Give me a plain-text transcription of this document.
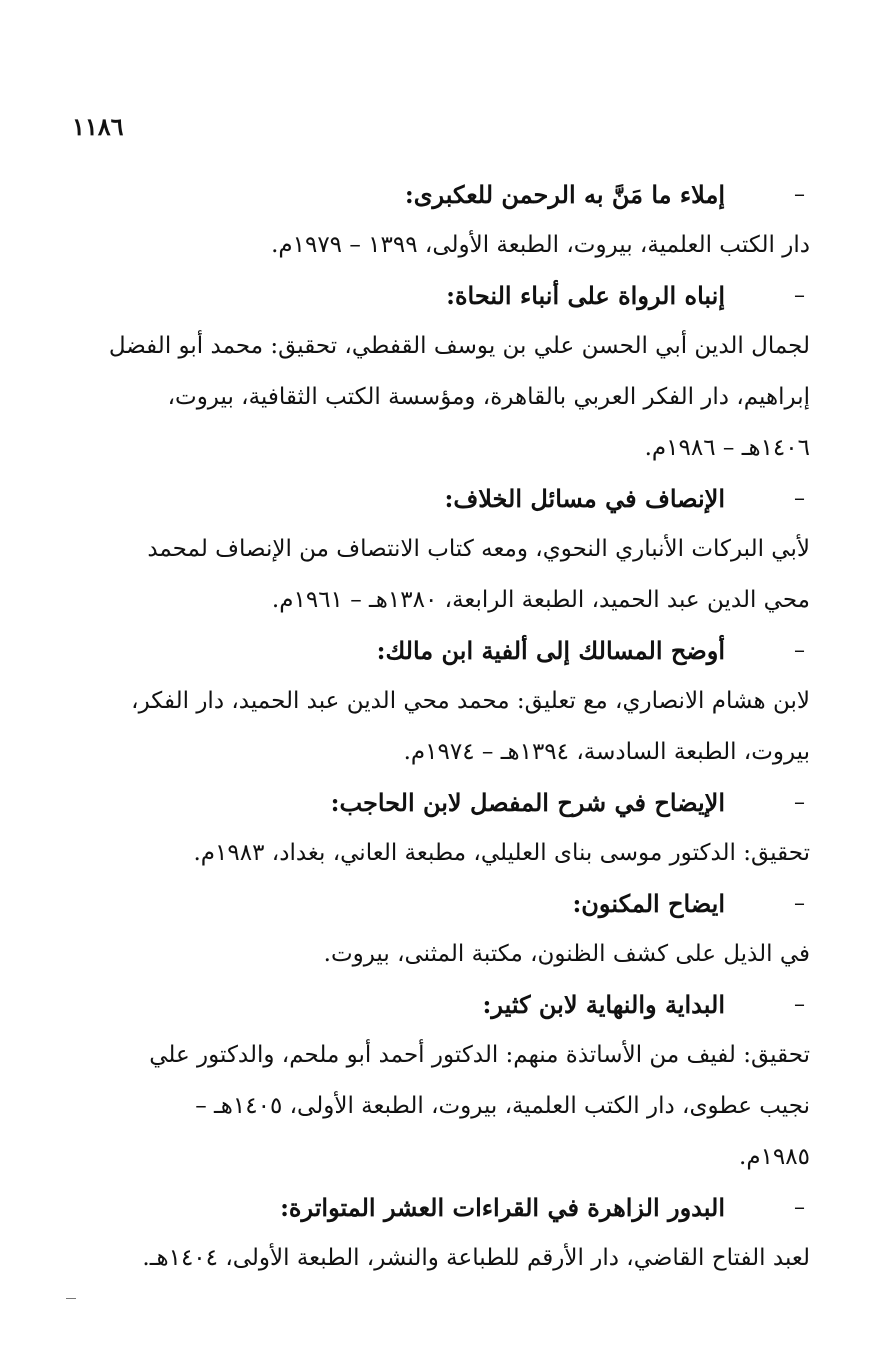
١١٨٦
–
إملاء ما مَنَّ به الرحمن للعكبرى:
دار الكتب العلمية، بيروت، الطبعة الأولى، ١٣٩٩ – ١٩٧٩م.
–
إنباه الرواة على أنباء النحاة:
لجمال الدين أبي الحسن علي بن يوسف القفطي، تحقيق: محمد أبو الفضل
إبراهيم، دار الفكر العربي بالقاهرة، ومؤسسة الكتب الثقافية، بيروت،
١٤٠٦هـ – ١٩٨٦م.
–
الإنصاف في مسائل الخلاف:
لأبي البركات الأنباري النحوي، ومعه كتاب الانتصاف من الإنصاف لمحمد
محي الدين عبد الحميد، الطبعة الرابعة، ١٣٨٠هـ – ١٩٦١م.
–
أوضح المسالك إلى ألفية ابن مالك:
لابن هشام الانصاري، مع تعليق: محمد محي الدين عبد الحميد، دار الفكر،
بيروت، الطبعة السادسة، ١٣٩٤هـ – ١٩٧٤م.
–
الإيضاح في شرح المفصل لابن الحاجب:
تحقيق: الدكتور موسى بناى العليلي، مطبعة العاني، بغداد، ١٩٨٣م.
–
ايضاح المكنون:
في الذيل على كشف الظنون، مكتبة المثنى، بيروت.
–
البداية والنهاية لابن كثير:
تحقيق: لفيف من الأساتذة منهم: الدكتور أحمد أبو ملحم، والدكتور علي
نجيب عطوى، دار الكتب العلمية، بيروت، الطبعة الأولى، ١٤٠٥هـ –
١٩٨٥م.
–
البدور الزاهرة في القراءات العشر المتواترة:
لعبد الفتاح القاضي، دار الأرقم للطباعة والنشر، الطبعة الأولى، ١٤٠٤هـ.
